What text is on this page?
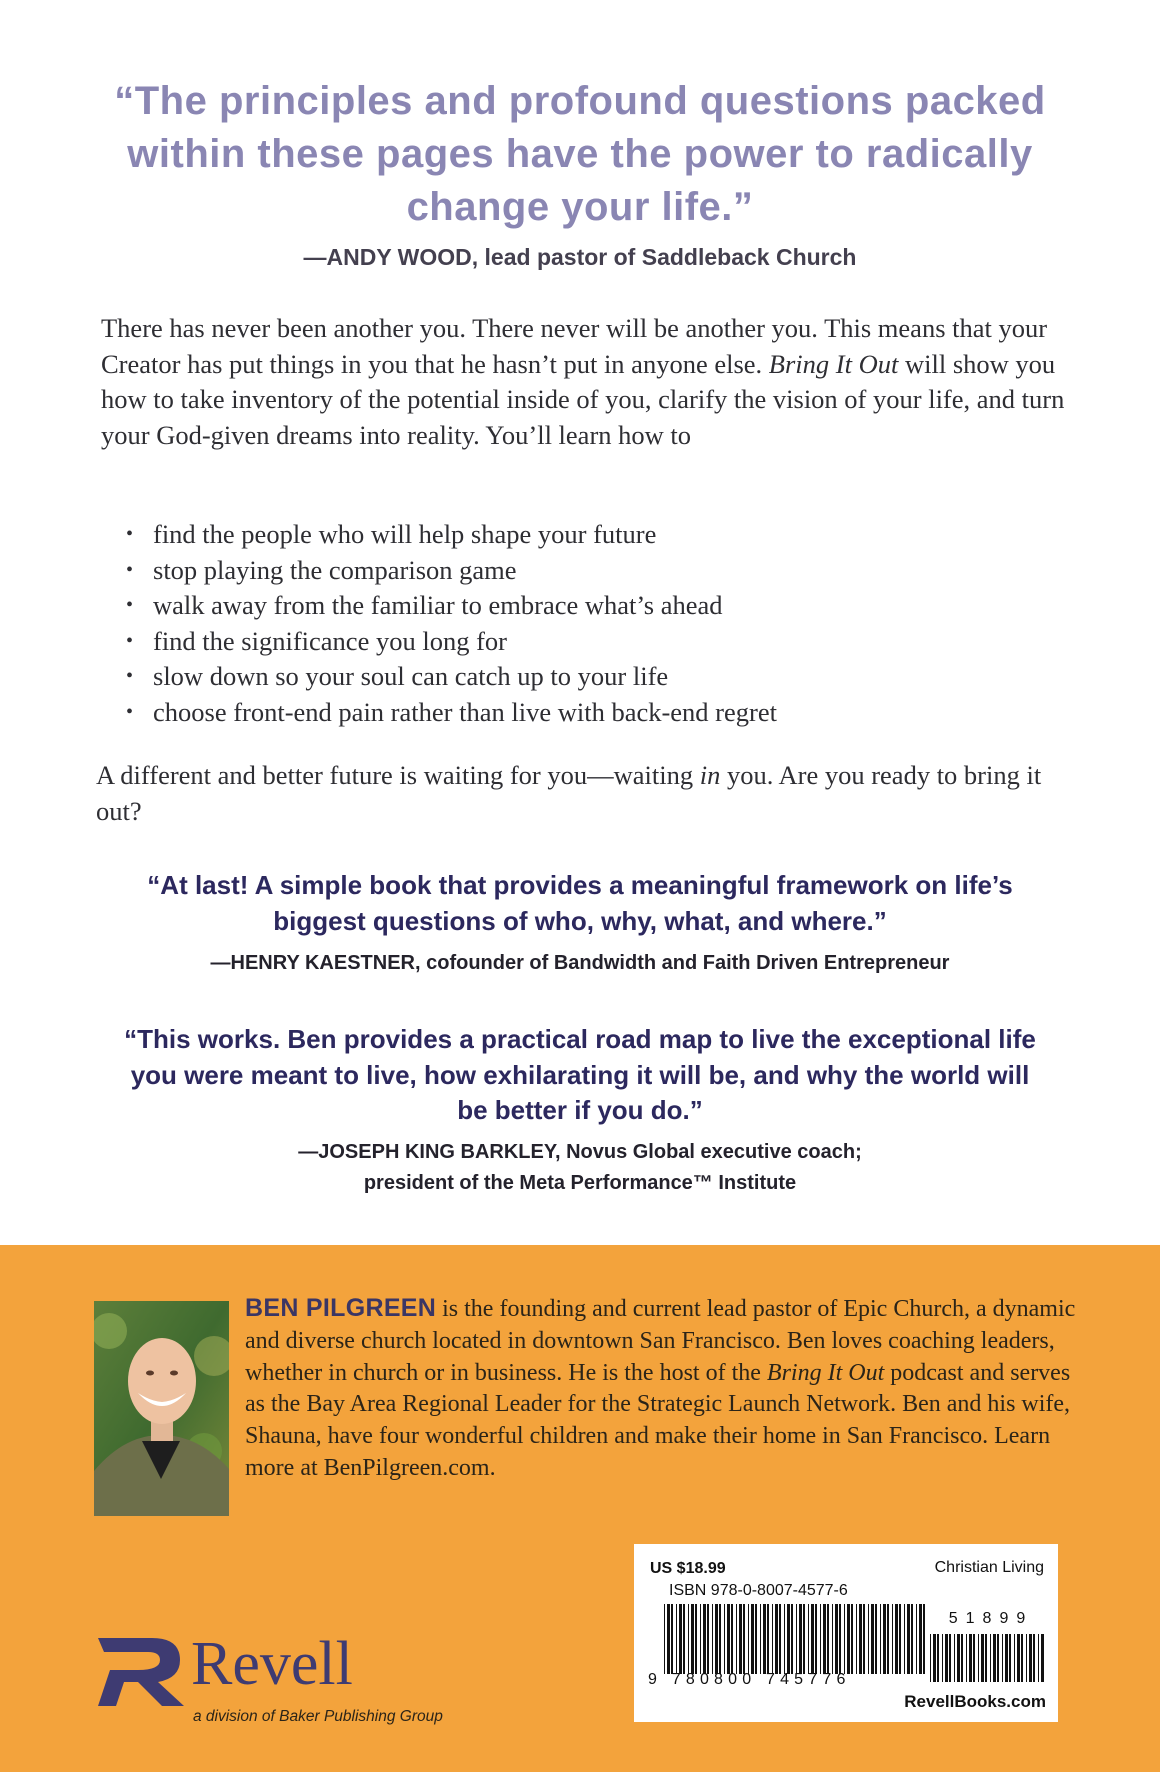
“The principles and profound questions packed within these pages have the power to radically change your life.”
—ANDY WOOD, lead pastor of Saddleback Church
There has never been another you. There never will be another you. This means that your Creator has put things in you that he hasn’t put in anyone else. Bring It Out will show you how to take inventory of the potential inside of you, clarify the vision of your life, and turn your God-given dreams into reality. You’ll learn how to
• find the people who will help shape your future
• stop playing the comparison game
• walk away from the familiar to embrace what’s ahead
• find the significance you long for
• slow down so your soul can catch up to your life
• choose front-end pain rather than live with back-end regret
A different and better future is waiting for you—waiting in you. Are you ready to bring it out?
“At last! A simple book that provides a meaningful framework on life’s biggest questions of who, why, what, and where.”
—HENRY KAESTNER, cofounder of Bandwidth and Faith Driven Entrepreneur
“This works. Ben provides a practical road map to live the exceptional life you were meant to live, how exhilarating it will be, and why the world will be better if you do.”
—JOSEPH KING BARKLEY, Novus Global executive coach;
president of the Meta Performance™ Institute
BEN PILGREEN is the founding and current lead pastor of Epic Church, a dynamic and diverse church located in downtown San Francisco. Ben loves coaching leaders, whether in church or in business. He is the host of the Bring It Out podcast and serves as the Bay Area Regional Leader for the Strategic Launch Network. Ben and his wife, Shauna, have four wonderful children and make their home in San Francisco. Learn more at BenPilgreen.com.
US $18.99	Christian Living
ISBN 978-0-8007-4577-6
51899
9 780800 745776
RevellBooks.com
Revell
a division of Baker Publishing Group
